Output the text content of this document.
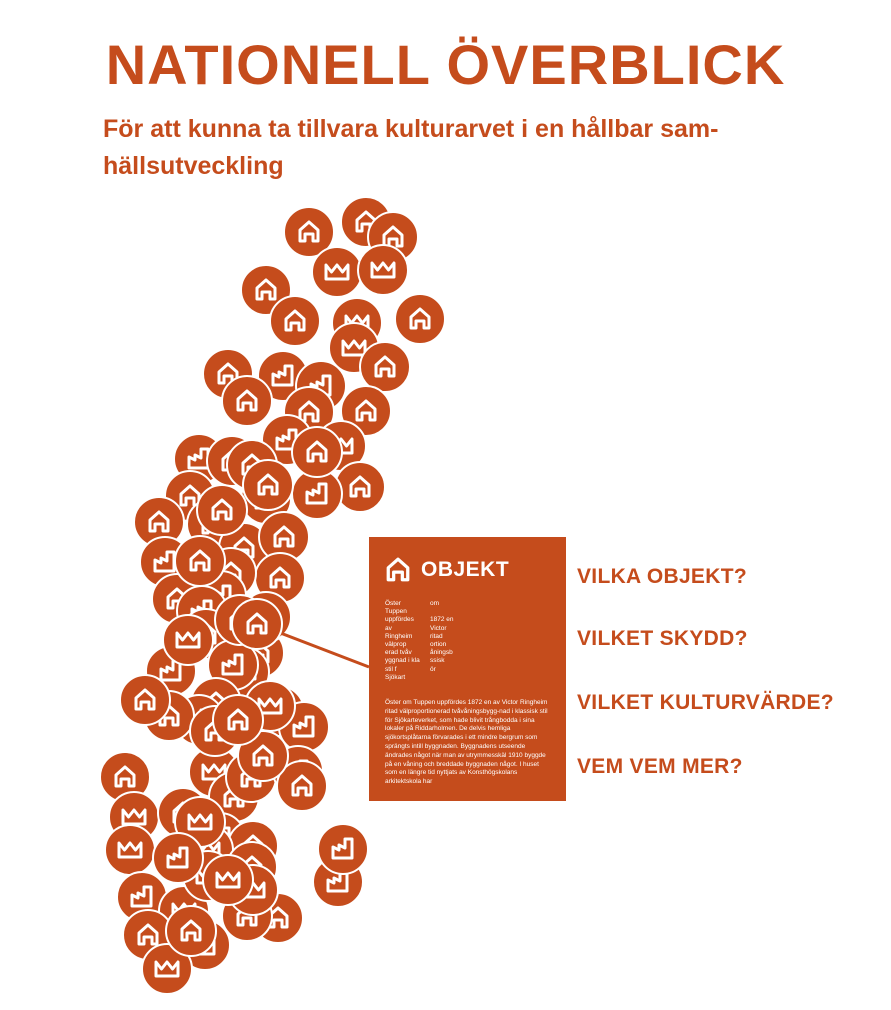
NATIONELL ÖVERBLICK

För att kunna ta tillvara kulturarvet i en hållbar sam-hällsutveckling

OBJEKT
Öster	om
Tuppen
uppfördes	1872 en
av	Victor
Ringheim	ritad
välprop	ortion
erad tvåv	åningsb
yggnad i kla	ssisk
stil f	ör
Sjökart

Öster om Tuppen uppfördes 1872 en av Victor Ringheim ritad välproportionerad tvåvåningsbygg-nad i klassisk stil för Sjökarteverket, som hade blivit trångbodda i sina lokaler på Riddarholmen. De delvis hemliga sjökortsplåtarna förvarades i ett mindre bergrum som sprängts intill byggnaden. Byggnadens utseende ändrades något när man av utrymmesskäl 1910 byggde på en våning och breddade byggnaden något. I huset som en längre tid nyttjats av Konsthögskolans arkitektskola har

VILKA OBJEKT?

VILKET SKYDD?

VILKET KULTURVÄRDE?

VEM VEM MER?
